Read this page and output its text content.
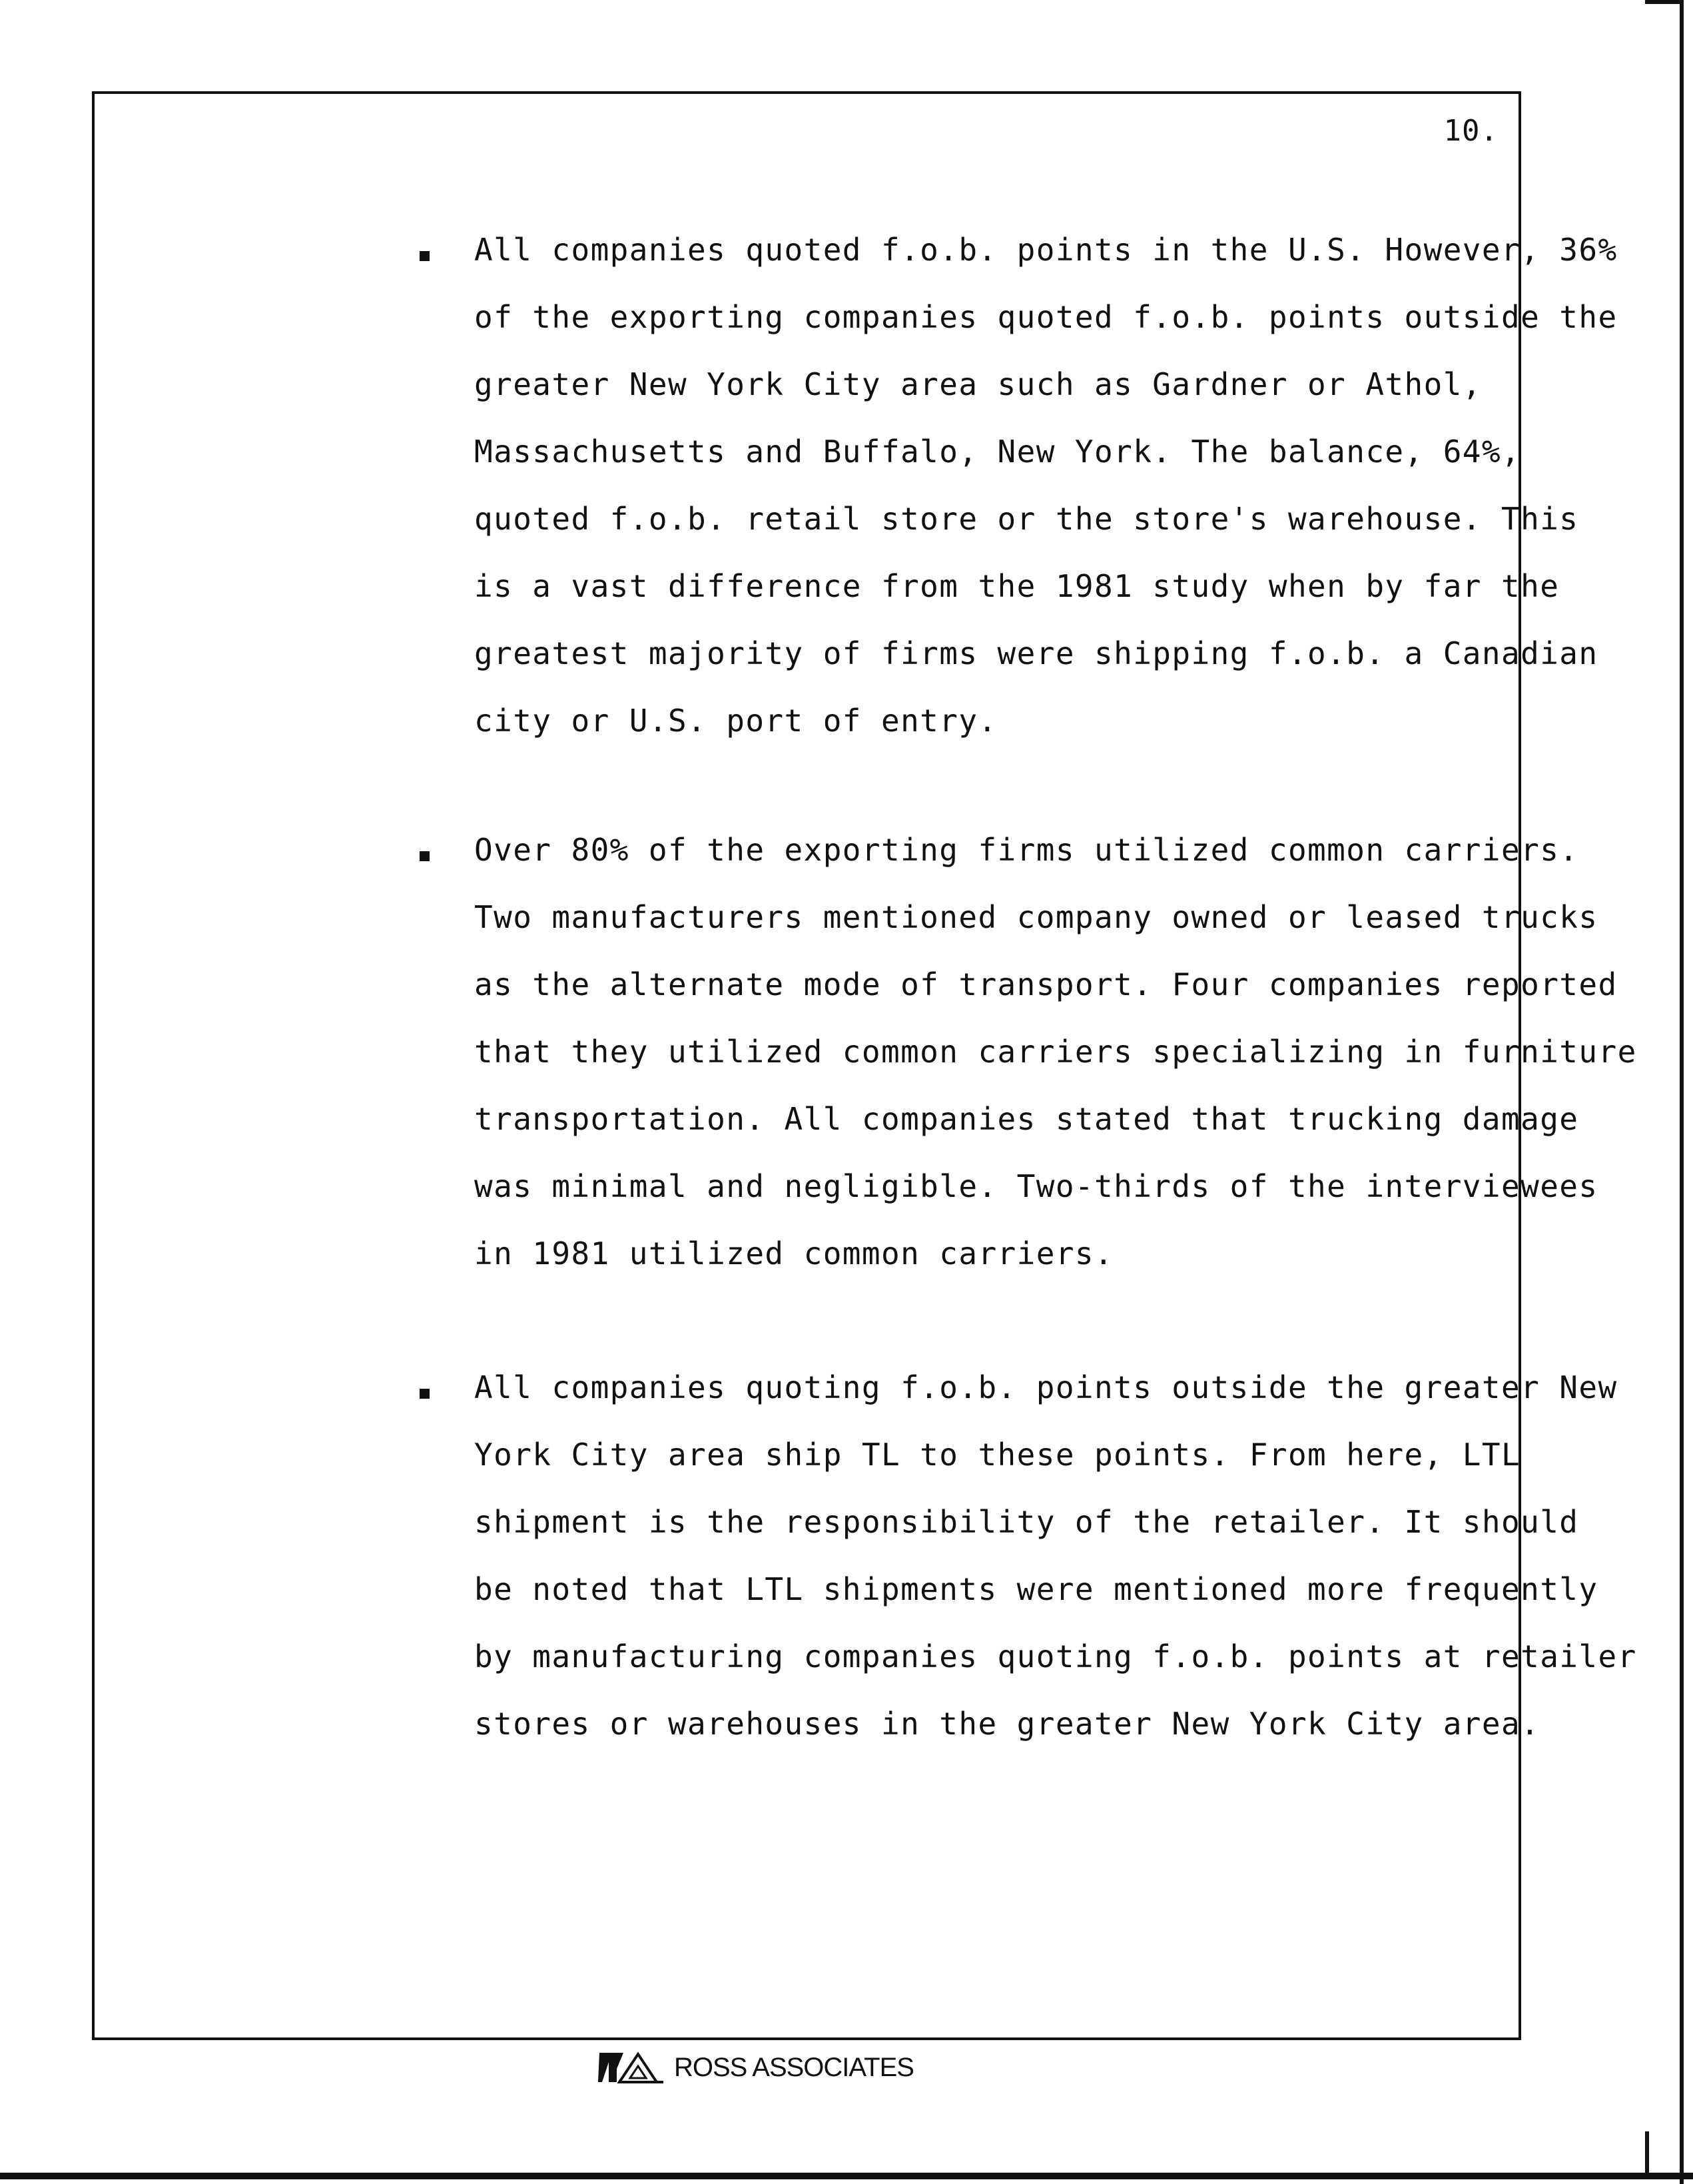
10.

All companies quoted f.o.b. points in the U.S. However, 36%
of the exporting companies quoted f.o.b. points outside the
greater New York City area such as Gardner or Athol,
Massachusetts and Buffalo, New York. The balance, 64%,
quoted f.o.b. retail store or the store's warehouse. This
is a vast difference from the 1981 study when by far the
greatest majority of firms were shipping f.o.b. a Canadian
city or U.S. port of entry.

Over 80% of the exporting firms utilized common carriers.
Two manufacturers mentioned company owned or leased trucks
as the alternate mode of transport. Four companies reported
that they utilized common carriers specializing in furniture
transportation. All companies stated that trucking damage
was minimal and negligible. Two-thirds of the interviewees
in 1981 utilized common carriers.

All companies quoting f.o.b. points outside the greater New
York City area ship TL to these points. From here, LTL
shipment is the responsibility of the retailer. It should
be noted that LTL shipments were mentioned more frequently
by manufacturing companies quoting f.o.b. points at retailer
stores or warehouses in the greater New York City area.

ROSS ASSOCIATES
